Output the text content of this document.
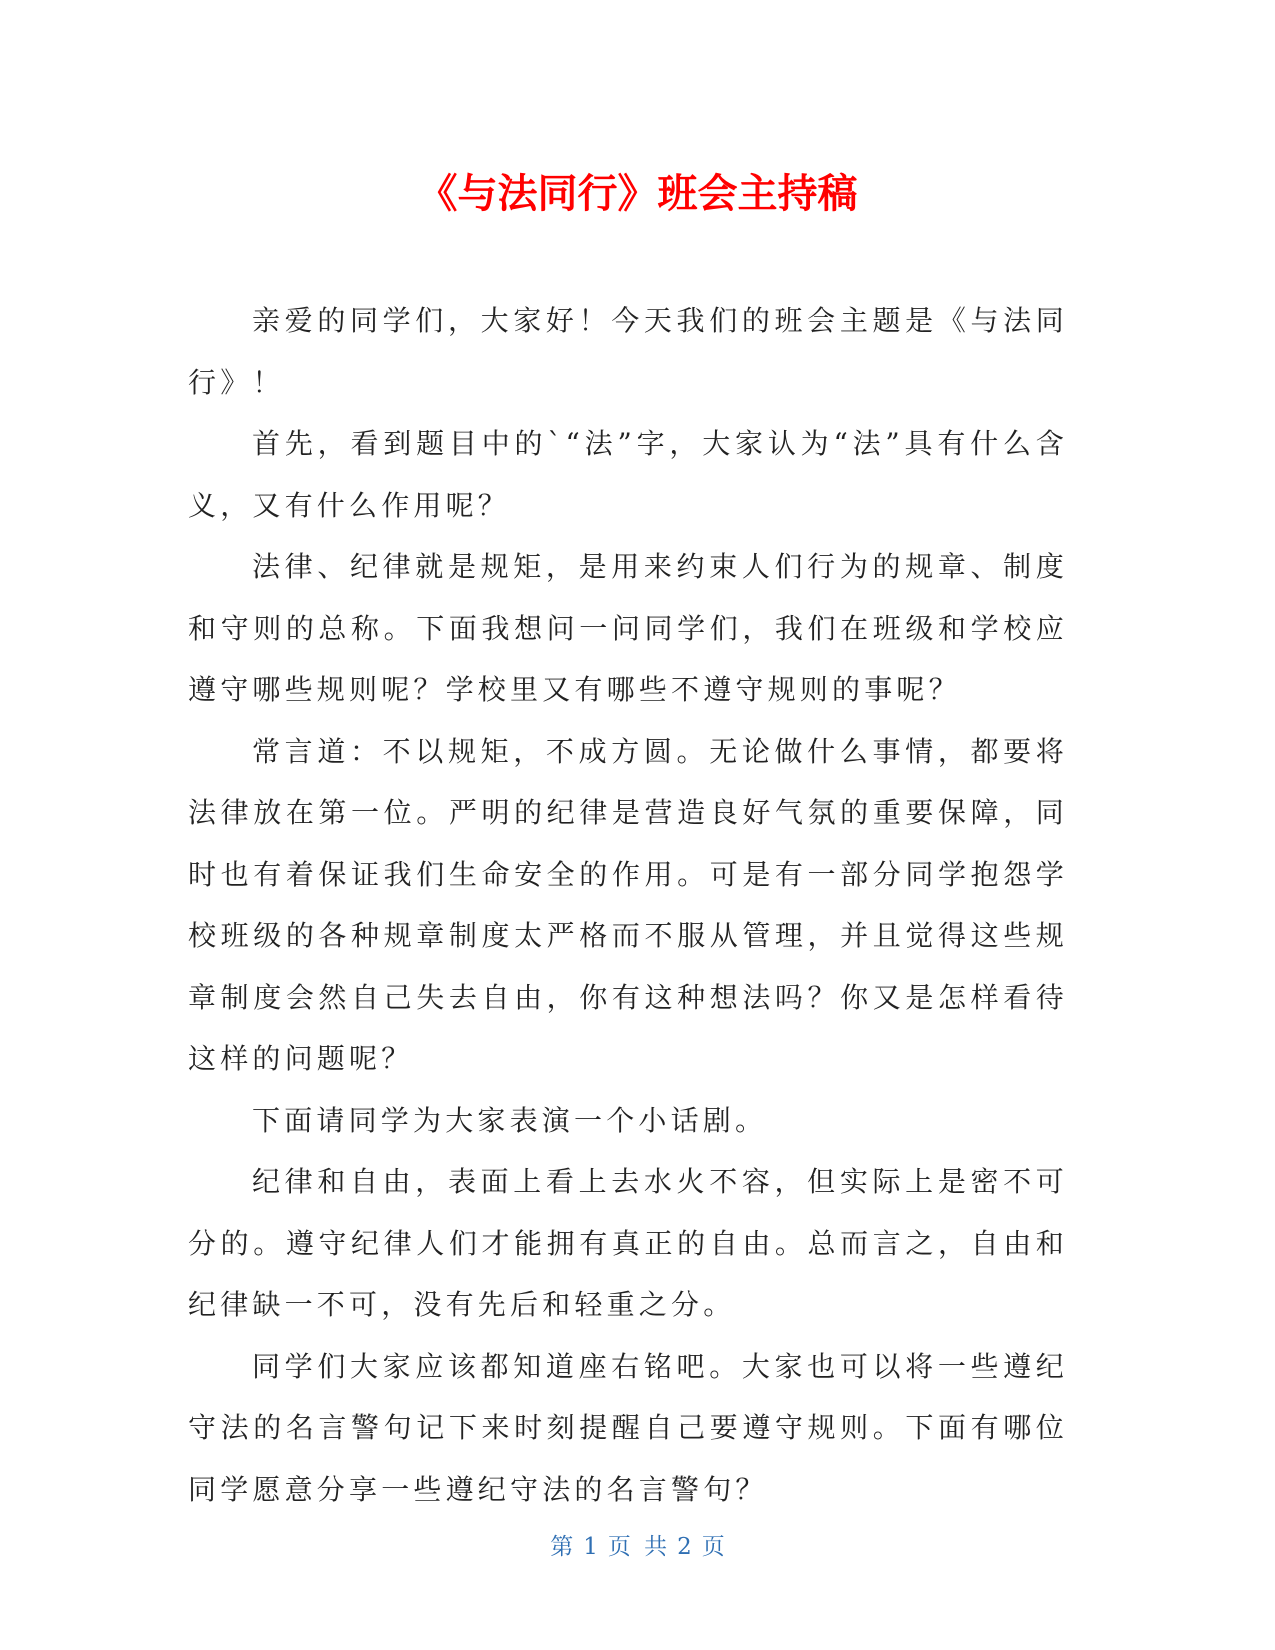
《与法同行》班会主持稿

亲爱的同学们，大家好！今天我们的班会主题是《与法同行》！

首先，看到题目中的`“法”字，大家认为“法”具有什么含义，又有什么作用呢？

法律、纪律就是规矩，是用来约束人们行为的规章、制度和守则的总称。下面我想问一问同学们，我们在班级和学校应遵守哪些规则呢？学校里又有哪些不遵守规则的事呢？

常言道：不以规矩，不成方圆。无论做什么事情，都要将法律放在第一位。严明的纪律是营造良好气氛的重要保障，同时也有着保证我们生命安全的作用。可是有一部分同学抱怨学校班级的各种规章制度太严格而不服从管理，并且觉得这些规章制度会然自己失去自由，你有这种想法吗？你又是怎样看待这样的问题呢？

下面请同学为大家表演一个小话剧。

纪律和自由，表面上看上去水火不容，但实际上是密不可分的。遵守纪律人们才能拥有真正的自由。总而言之，自由和纪律缺一不可，没有先后和轻重之分。

同学们大家应该都知道座右铭吧。大家也可以将一些遵纪守法的名言警句记下来时刻提醒自己要遵守规则。下面有哪位同学愿意分享一些遵纪守法的名言警句？

第 1 页 共 2 页
